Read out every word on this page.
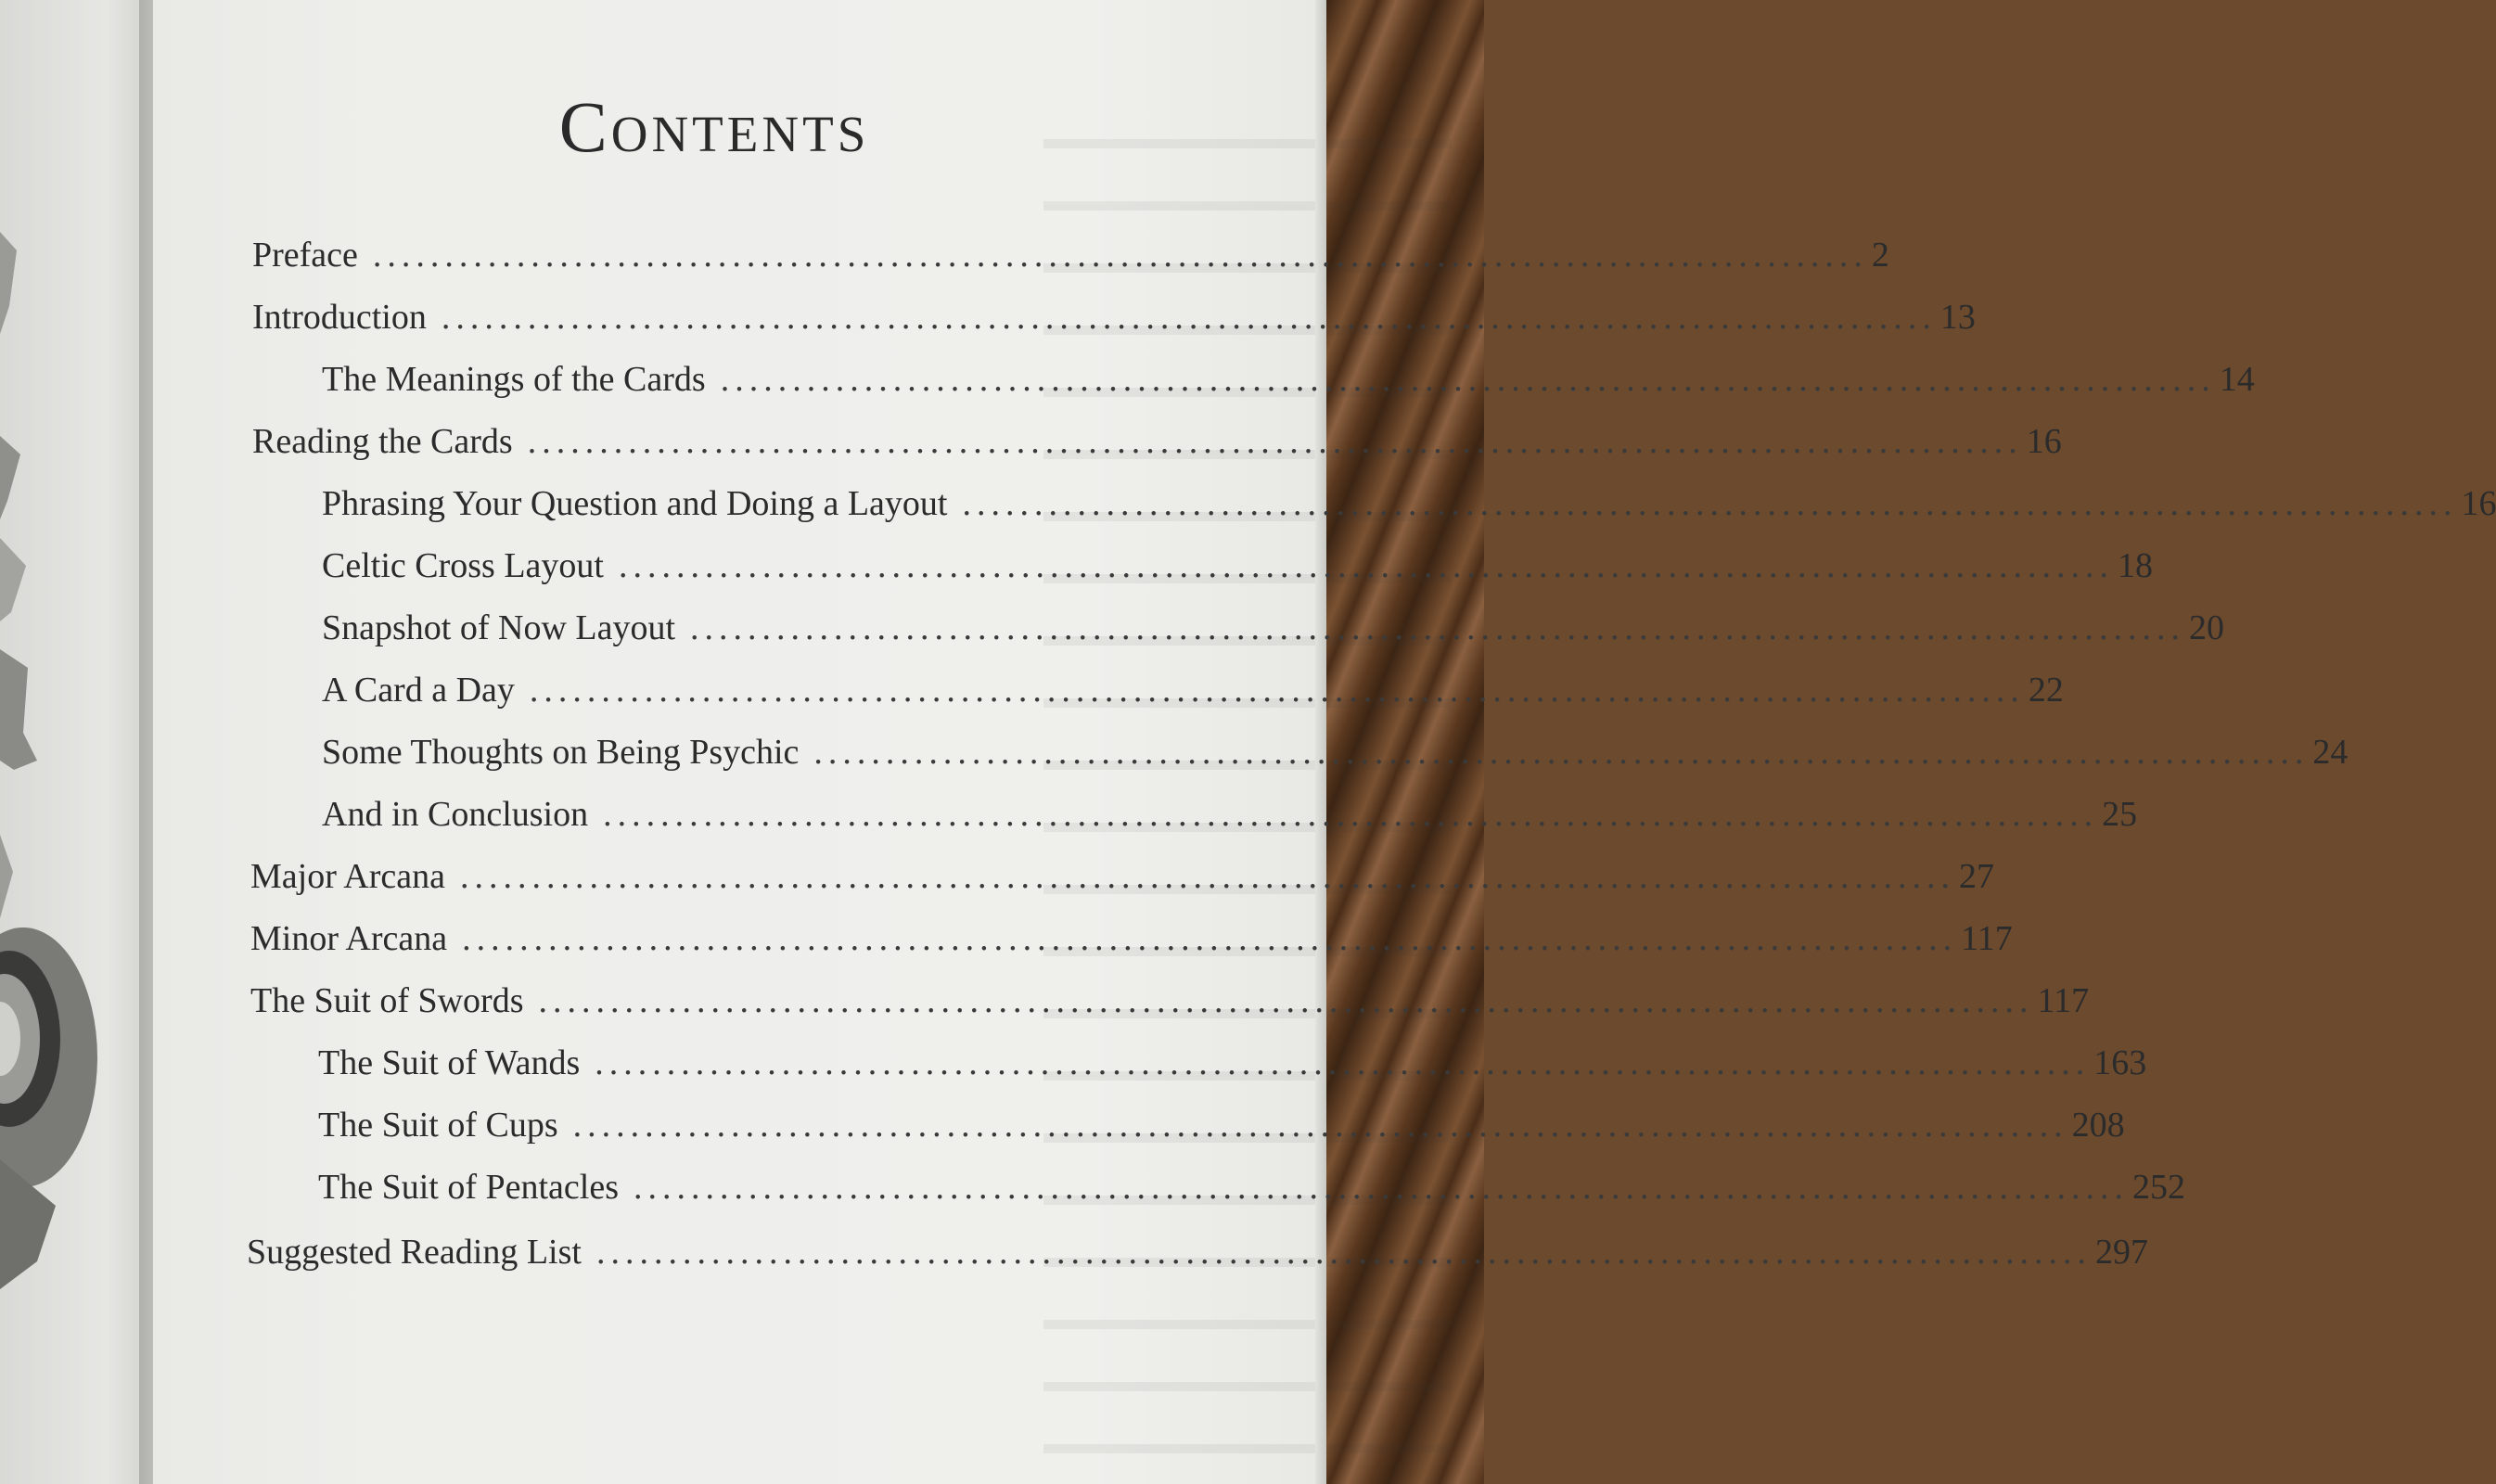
Contents
Preface ........................................................................................................ 2
Introduction ........................................................................................................ 13
The Meanings of the Cards ........................................................................................................ 14
Reading the Cards ........................................................................................................ 16
Phrasing Your Question and Doing a Layout ........................................................................................................ 16
Celtic Cross Layout ........................................................................................................ 18
Snapshot of Now Layout ........................................................................................................ 20
A Card a Day ........................................................................................................ 22
Some Thoughts on Being Psychic ........................................................................................................ 24
And in Conclusion ........................................................................................................ 25
Major Arcana ........................................................................................................ 27
Minor Arcana ........................................................................................................ 117
The Suit of Swords ........................................................................................................ 117
The Suit of Wands ........................................................................................................ 163
The Suit of Cups ........................................................................................................ 208
The Suit of Pentacles ........................................................................................................ 252
Suggested Reading List ........................................................................................................ 297
